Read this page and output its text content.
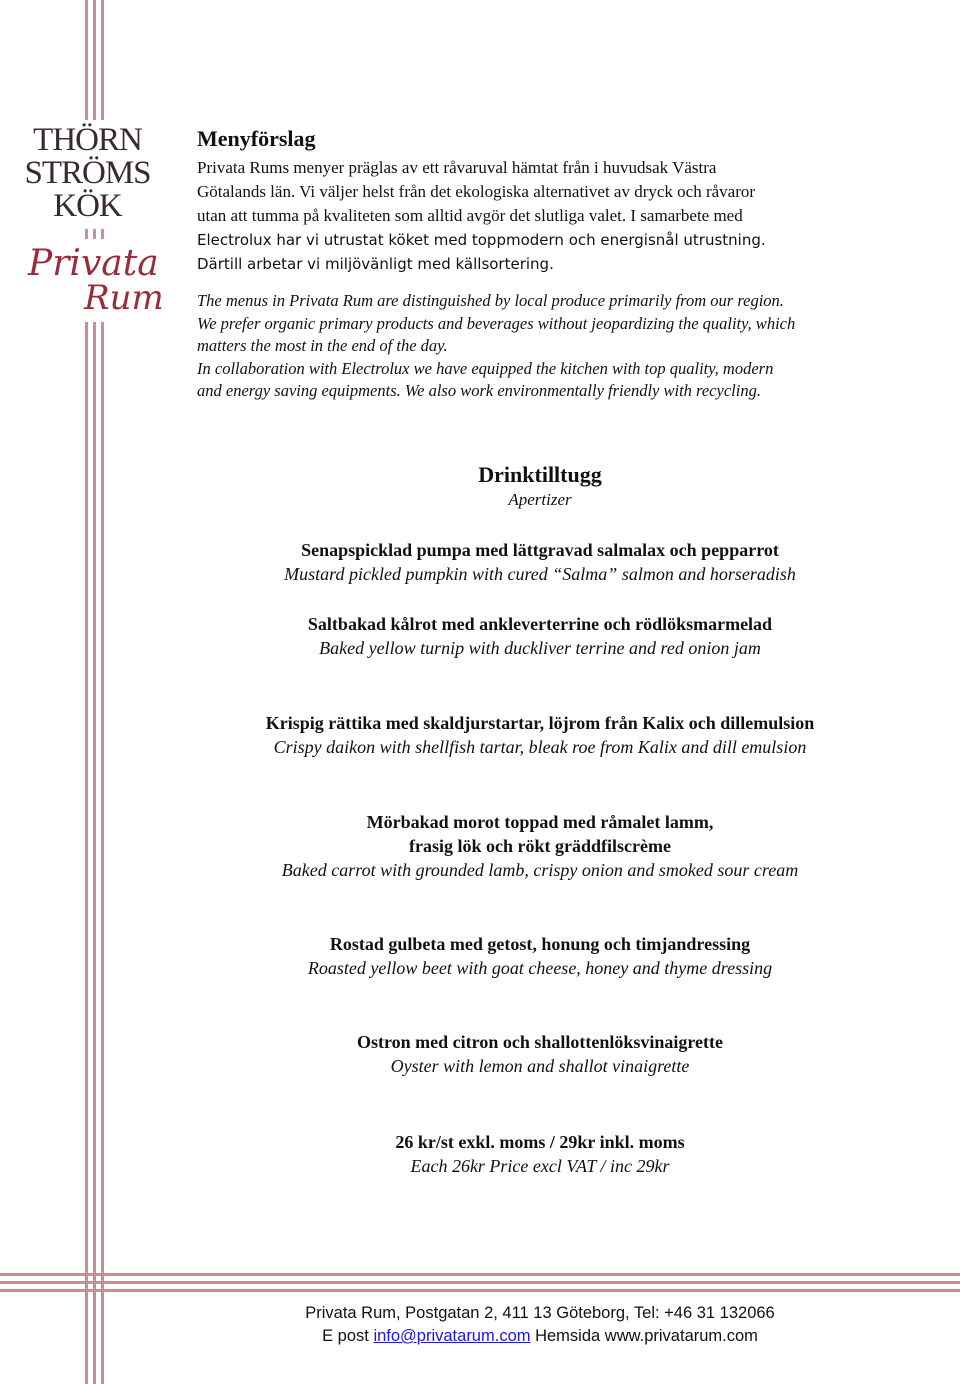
THÖRN
STRÖMS
KÖK
Privata
Rum
Menyförslag

Privata Rums menyer präglas av ett råvaruval hämtat från i huvudsak Västra

Götalands län. Vi väljer helst från det ekologiska alternativet av dryck och råvaror

utan att tumma på kvaliteten som alltid avgör det slutliga valet. I samarbete med

Electrolux har vi utrustat köket med toppmodern och energisnål utrustning.

Därtill arbetar vi miljövänligt med källsortering.

The menus in Privata Rum are distinguished by local produce primarily from our region.

We prefer organic primary products and beverages without jeopardizing the quality, which

matters the most in the end of the day.

In collaboration with Electrolux we have equipped the kitchen with top quality, modern

and energy saving equipments. We also work environmentally friendly with recycling.

Drinktilltugg
Apertizer
Senapspicklad pumpa med lättgravad salmalax och pepparrot
Mustard pickled pumpkin with cured “Salma” salmon and horseradish
Saltbakad kålrot med ankleverterrine och rödlöksmarmelad
Baked yellow turnip with duckliver terrine and red onion jam
Krispig rättika med skaldjurstartar, löjrom från Kalix och dillemulsion
Crispy daikon with shellfish tartar, bleak roe from Kalix and dill emulsion
Mörbakad morot toppad med råmalet lamm,
frasig lök och rökt gräddfilscrème
Baked carrot with grounded lamb, crispy onion and smoked sour cream
Rostad gulbeta med getost, honung och timjandressing
Roasted yellow beet with goat cheese, honey and thyme dressing
Ostron med citron och shallottenlöksvinaigrette
Oyster with lemon and shallot vinaigrette
26 kr/st exkl. moms / 29kr inkl. moms
Each 26kr Price excl VAT / inc 29kr
Privata Rum, Postgatan 2, 411 13 Göteborg, Tel: +46 31 132066
E post info@privatarum.com Hemsida www.privatarum.com
